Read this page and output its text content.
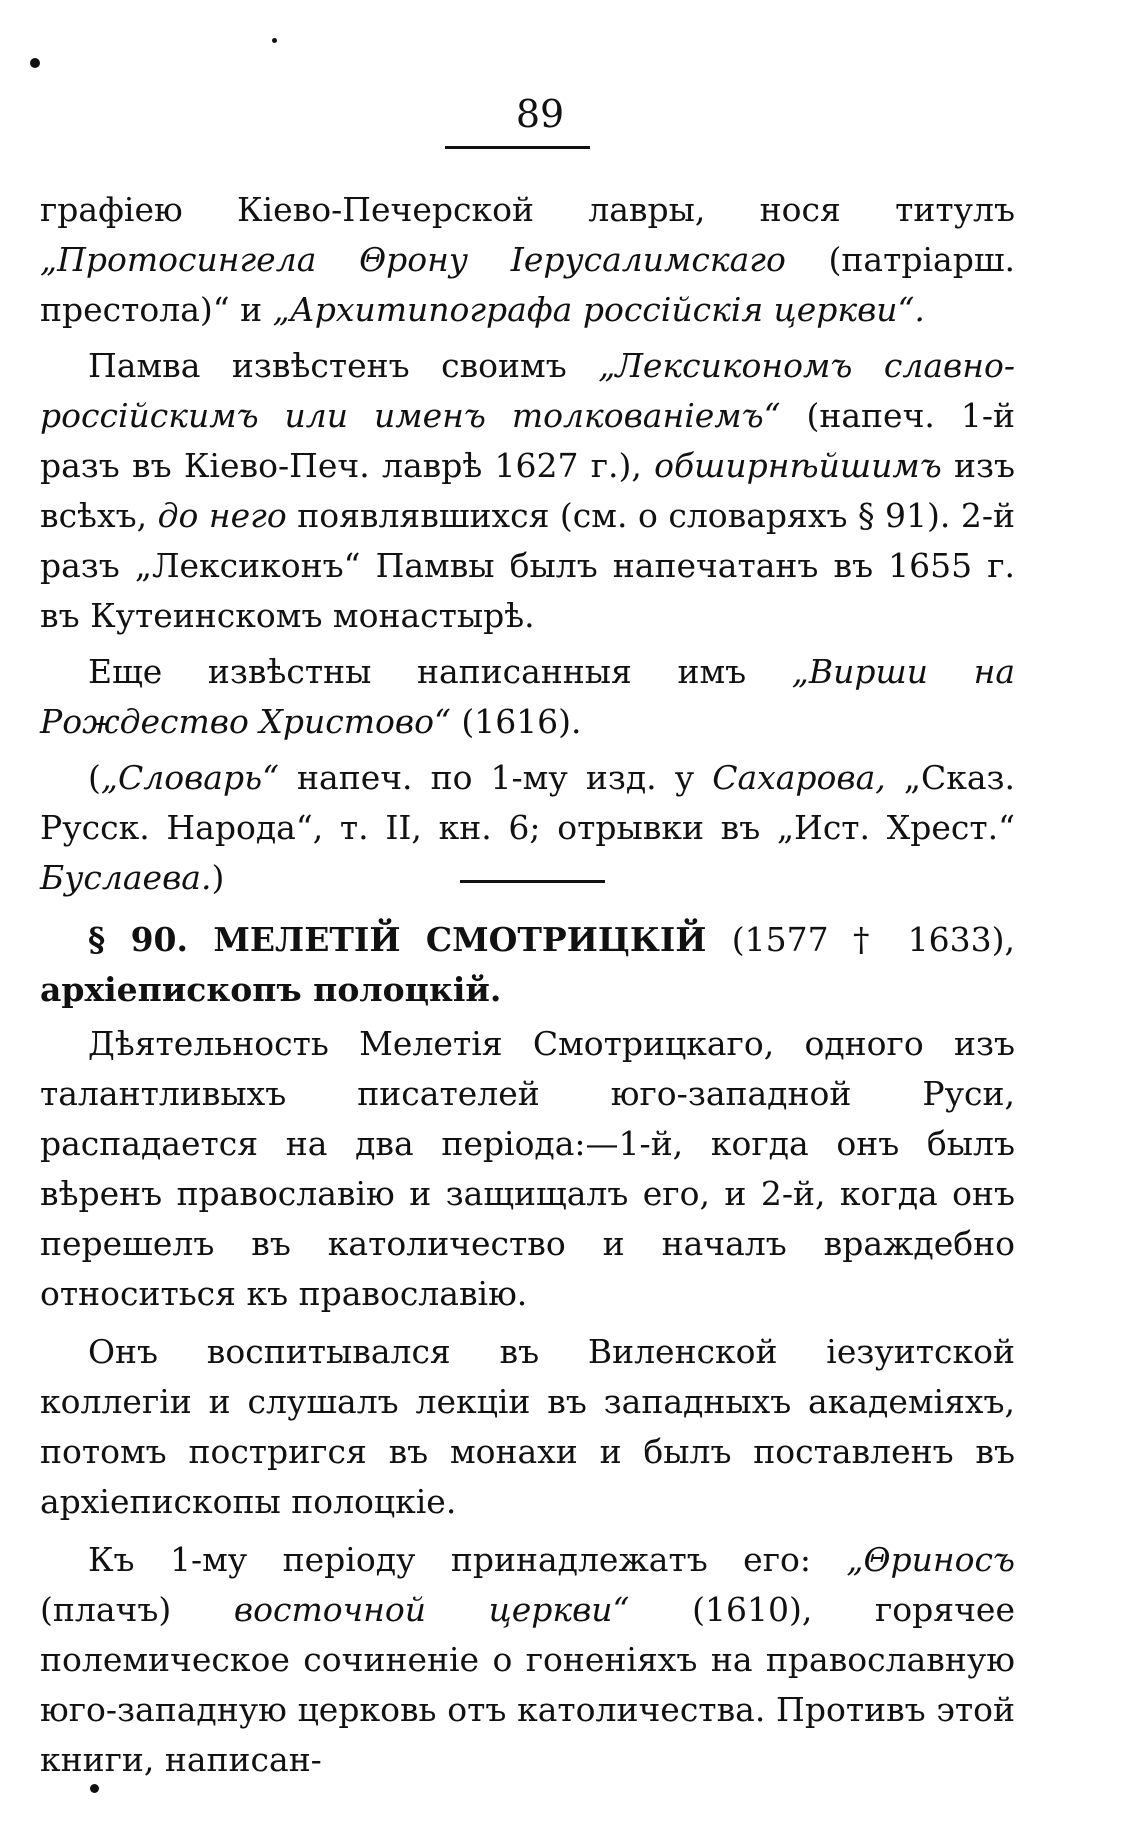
89

графіею Кіево-Печерской лавры, нося титулъ „Протосингела Θрону Іерусалимскаго (патріарш. престола)“ и „Архитипографа россійскія церкви“.

Памва извѣстенъ своимъ „Лексикономъ славно-россійскимъ или именъ толкованіемъ“ (напеч. 1-й разъ въ Кіево-Печ. лаврѣ 1627 г.), обширнѣйшимъ изъ всѣхъ, до него появлявшихся (см. о словаряхъ § 91). 2-й разъ „Лексиконъ“ Памвы былъ напечатанъ въ 1655 г. въ Кутеинскомъ монастырѣ.

Еще извѣстны написанныя имъ „Вирши на Рождество Христово“ (1616).

(„Словарь“ напеч. по 1-му изд. у Сахарова, „Сказ. Русск. Народа“, т. II, кн. 6; отрывки въ „Ист. Хрест.“ Буслаева.)

§ 90. МЕЛЕТІЙ СМОТРИЦКІЙ (1577 † 1633), архіепископъ полоцкій.

Дѣятельность Мелетія Смотрицкаго, одного изъ талантливыхъ писателей юго-западной Руси, распадается на два періода:—1-й, когда онъ былъ вѣренъ православію и защищалъ его, и 2-й, когда онъ перешелъ въ католичество и началъ враждебно относиться къ православію.

Онъ воспитывался въ Виленской іезуитской коллегіи и слушалъ лекціи въ западныхъ академіяхъ, потомъ постригся въ монахи и былъ поставленъ въ архіепископы полоцкіе.

Къ 1-му періоду принадлежатъ его: „Θриносъ (плачъ) восточной церкви“ (1610), горячее полемическое сочиненіе о гоненіяхъ на православную юго-западную церковь отъ католичества. Противъ этой книги, написан-
